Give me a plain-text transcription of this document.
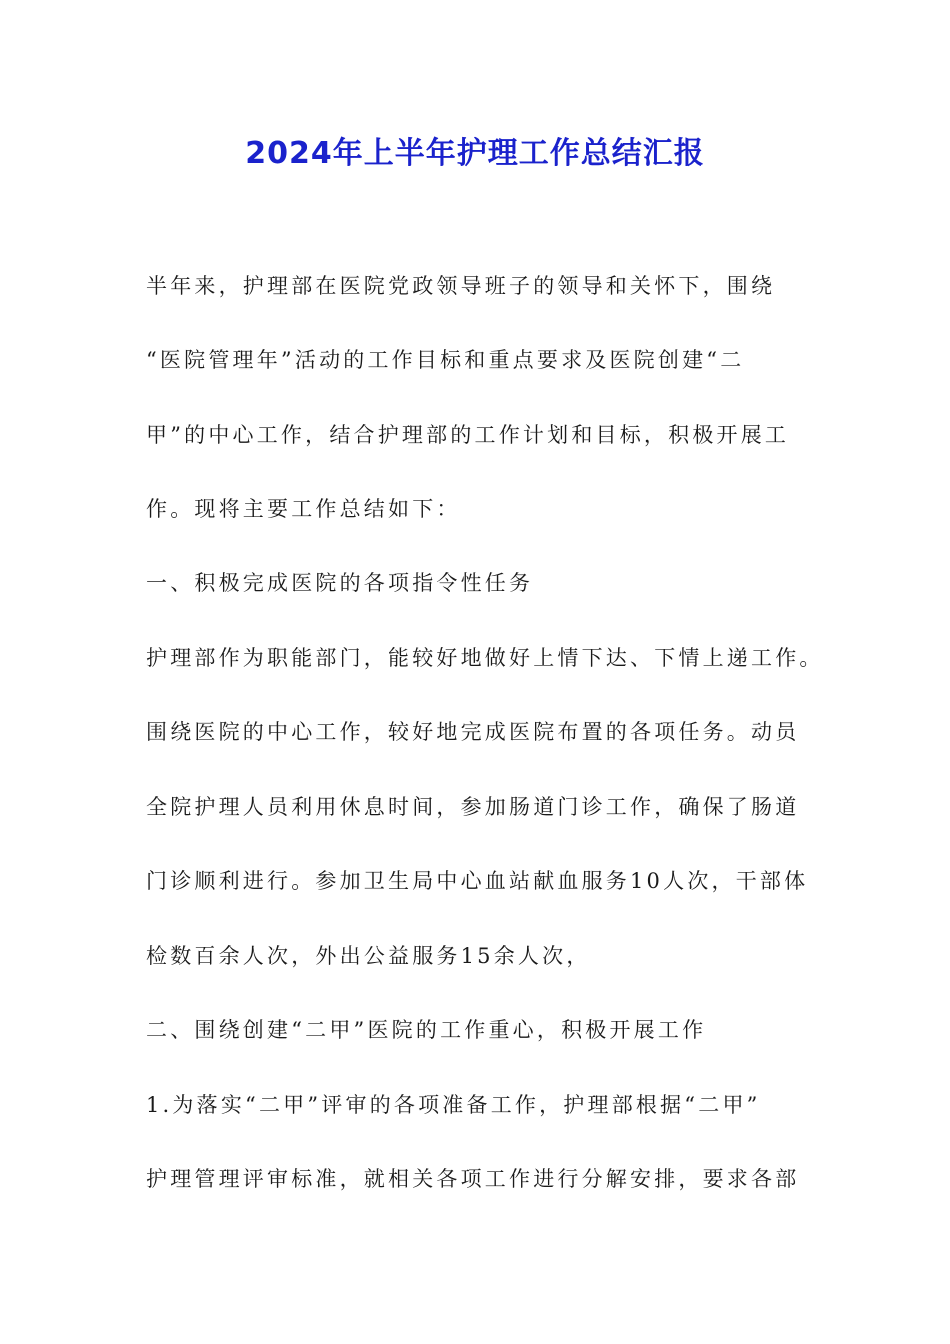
2024年上半年护理工作总结汇报

半年来，护理部在医院党政领导班子的领导和关怀下，围绕

“医院管理年”活动的工作目标和重点要求及医院创建“二

甲”的中心工作，结合护理部的工作计划和目标，积极开展工

作。现将主要工作总结如下：

一、积极完成医院的各项指令性任务

护理部作为职能部门，能较好地做好上情下达、下情上递工作。

围绕医院的中心工作，较好地完成医院布置的各项任务。动员

全院护理人员利用休息时间，参加肠道门诊工作，确保了肠道

门诊顺利进行。参加卫生局中心血站献血服务10人次，干部体

检数百余人次，外出公益服务15余人次，

二、围绕创建“二甲”医院的工作重心，积极开展工作

1.为落实“二甲”评审的各项准备工作，护理部根据“二甲”

护理管理评审标准，就相关各项工作进行分解安排，要求各部
